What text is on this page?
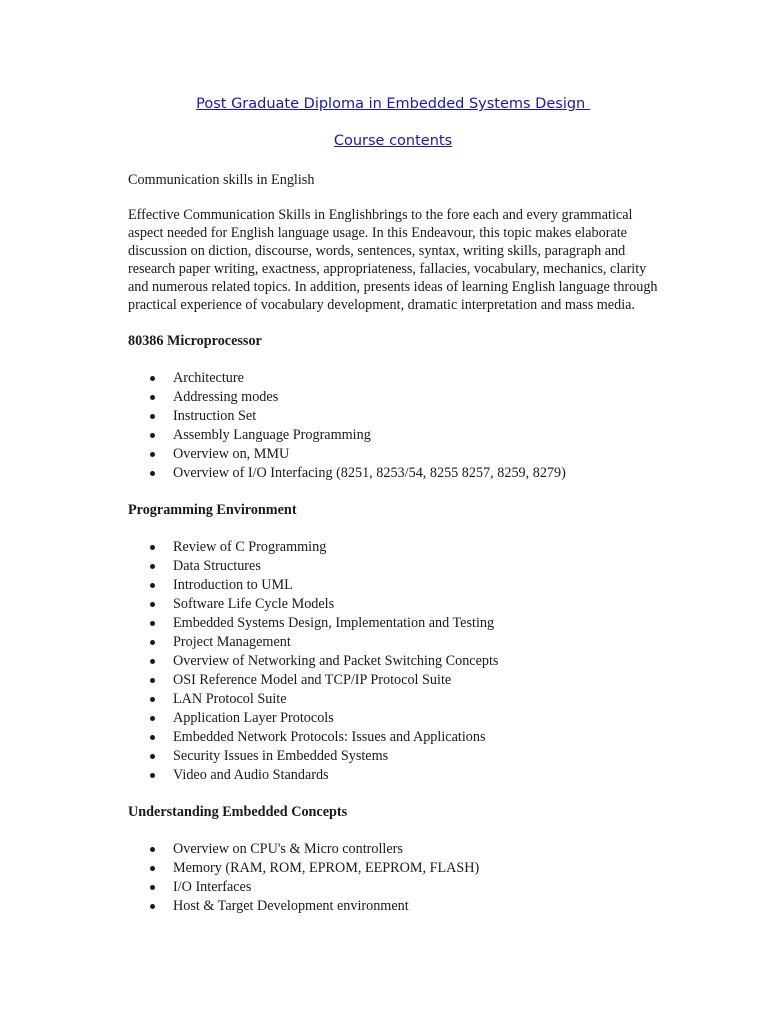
Post Graduate Diploma in Embedded Systems Design
Course contents

Communication skills in English

Effective Communication Skills in Englishbrings to the fore each and every grammatical aspect needed for English language usage. In this Endeavour, this topic makes elaborate discussion on diction, discourse, words, sentences, syntax, writing skills, paragraph and research paper writing, exactness, appropriateness, fallacies, vocabulary, mechanics, clarity and numerous related topics. In addition, presents ideas of learning English language through practical experience of vocabulary development, dramatic interpretation and mass media.

80386 Microprocessor

Architecture
Addressing modes
Instruction Set
Assembly Language Programming
Overview on, MMU
Overview of I/O Interfacing (8251, 8253/54, 8255 8257, 8259, 8279)

Programming Environment

Review of C Programming
Data Structures
Introduction to UML
Software Life Cycle Models
Embedded Systems Design, Implementation and Testing
Project Management
Overview of Networking and Packet Switching Concepts
OSI Reference Model and TCP/IP Protocol Suite
LAN Protocol Suite
Application Layer Protocols
Embedded Network Protocols: Issues and Applications
Security Issues in Embedded Systems
Video and Audio Standards

Understanding Embedded Concepts

Overview on CPU's & Micro controllers
Memory (RAM, ROM, EPROM, EEPROM, FLASH)
I/O Interfaces
Host & Target Development environment
